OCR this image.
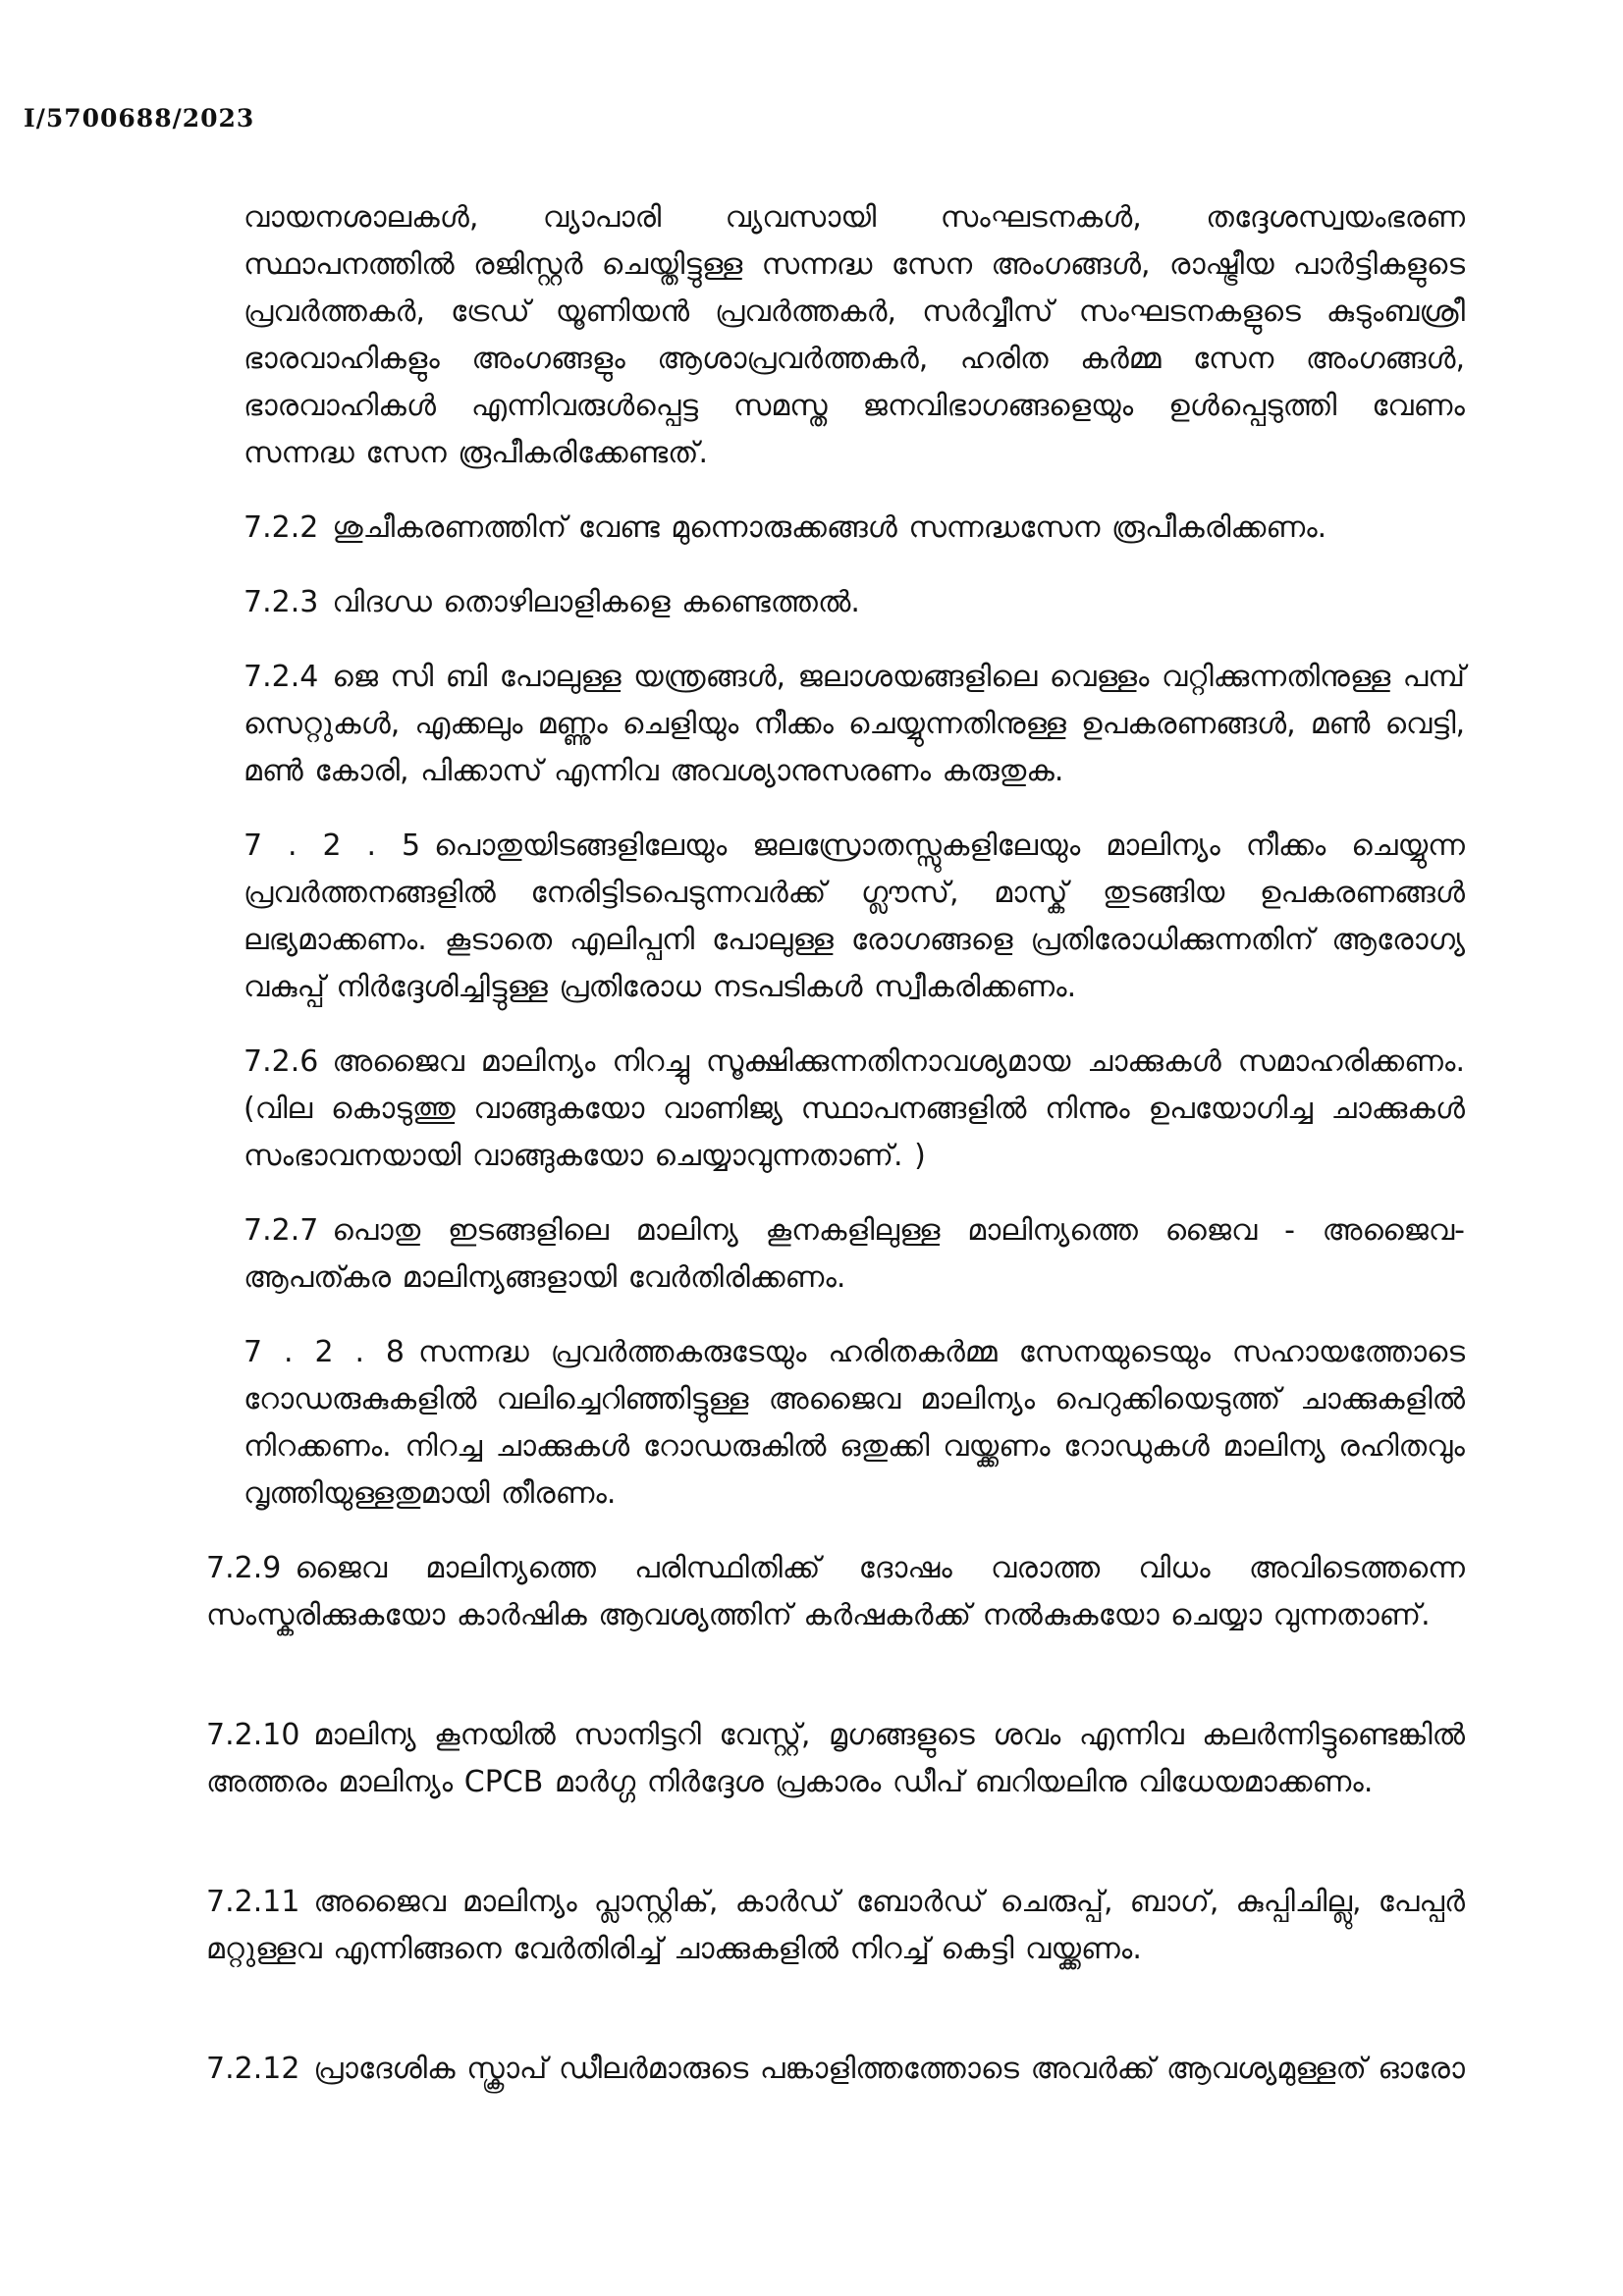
I/5700688/2023

വായനശാലകൾ, വ്യാപാരി വ്യവസായി സംഘടനകൾ, തദ്ദേശസ്വയംഭരണ സ്ഥാപനത്തിൽ രജിസ്റ്റർ ചെയ്തിട്ടുള്ള സന്നദ്ധ സേന അംഗങ്ങൾ, രാഷ്ട്രീയ പാർട്ടികളുടെ പ്രവർത്തകർ, ട്രേഡ് യൂണിയൻ പ്രവർത്തകർ, സർവ്വീസ് സംഘടനകളുടെ കുടുംബശ്രീ ഭാരവാഹികളും അംഗങ്ങളും ആശാപ്രവർത്തകർ, ഹരിത കർമ്മ സേന അംഗങ്ങൾ, ഭാരവാഹികൾ എന്നിവരുൾപ്പെട്ട സമസ്ത ജനവിഭാഗങ്ങളെയും ഉൾപ്പെടുത്തി വേണം സന്നദ്ധ സേന രൂപീകരിക്കേണ്ടത്.

7.2.2 ശുചീകരണത്തിന് വേണ്ട മുന്നൊരുക്കങ്ങൾ സന്നദ്ധസേന രൂപീകരിക്കണം.

7.2.3 വിദഗ്ധ തൊഴിലാളികളെ കണ്ടെത്തൽ.

7.2.4 ജെ സി ബി പോലുള്ള യന്ത്രങ്ങൾ, ജലാശയങ്ങളിലെ വെള്ളം വറ്റിക്കുന്നതിനുള്ള പമ്പ് സെറ്റുകൾ, എക്കലും മണ്ണും ചെളിയും നീക്കം ചെയ്യുന്നതിനുള്ള ഉപകരണങ്ങൾ, മൺ വെട്ടി, മൺ കോരി, പിക്കാസ് എന്നിവ അവശ്യാനുസരണം കരുതുക.

7 . 2 . 5 പൊതുയിടങ്ങളിലേയും ജലസ്രോതസ്സുകളിലേയും മാലിന്യം നീക്കം ചെയ്യുന്ന പ്രവർത്തനങ്ങളിൽ നേരിട്ടിടപെടുന്നവർക്ക് ഗ്ലൗസ്, മാസ്ക് തുടങ്ങിയ ഉപകരണങ്ങൾ ലഭ്യമാക്കണം. കൂടാതെ എലിപ്പനി പോലുള്ള രോഗങ്ങളെ പ്രതിരോധിക്കുന്നതിന് ആരോഗ്യ വകുപ്പ് നിർദ്ദേശിച്ചിട്ടുള്ള പ്രതിരോധ നടപടികൾ സ്വീകരിക്കണം.

7.2.6 അജൈവ മാലിന്യം നിറച്ചു സൂക്ഷിക്കുന്നതിനാവശ്യമായ ചാക്കുകൾ സമാഹരിക്കണം. (വില കൊടുത്തു വാങ്ങുകയോ വാണിജ്യ സ്ഥാപനങ്ങളിൽ നിന്നും ഉപയോഗിച്ച ചാക്കുകൾ സംഭാവനയായി വാങ്ങുകയോ ചെയ്യാവുന്നതാണ്. )

7.2.7 പൊതു ഇടങ്ങളിലെ മാലിന്യ കൂനകളിലുള്ള മാലിന്യത്തെ ജൈവ - അജൈവ- ആപത്കര മാലിന്യങ്ങളായി വേർതിരിക്കണം.

7 . 2 . 8 സന്നദ്ധ പ്രവർത്തകരുടേയും ഹരിതകർമ്മ സേനയുടെയും സഹായത്തോടെ റോഡരുകുകളിൽ വലിച്ചെറിഞ്ഞിട്ടുള്ള അജൈവ മാലിന്യം പെറുക്കിയെടുത്ത് ചാക്കുകളിൽ നിറക്കണം. നിറച്ച ചാക്കുകൾ റോഡരുകിൽ ഒതുക്കി വയ്ക്കണം റോഡുകൾ മാലിന്യ രഹിതവും വൃത്തിയുള്ളതുമായി തീരണം.

7.2.9 ജൈവ മാലിന്യത്തെ പരിസ്ഥിതിക്ക് ദോഷം വരാത്ത വിധം അവിടെത്തന്നെ സംസ്കരിക്കുകയോ കാർഷിക ആവശ്യത്തിന് കർഷകർക്ക് നൽകുകയോ ചെയ്യാ വുന്നതാണ്.

7.2.10 മാലിന്യ കൂനയിൽ സാനിട്ടറി വേസ്റ്റ്, മൃഗങ്ങളുടെ ശവം എന്നിവ കലർന്നിട്ടുണ്ടെങ്കിൽ അത്തരം മാലിന്യം CPCB മാർഗ്ഗ നിർദ്ദേശ പ്രകാരം ഡീപ് ബറിയലിനു വിധേയമാക്കണം.

7.2.11 അജൈവ മാലിന്യം പ്ലാസ്റ്റിക്, കാർഡ് ബോർഡ് ചെരുപ്പ്, ബാഗ്, കുപ്പിചില്ലു, പേപ്പർ മറ്റുള്ളവ എന്നിങ്ങനെ വേർതിരിച്ച് ചാക്കുകളിൽ നിറച്ച് കെട്ടി വയ്ക്കണം.

7.2.12 പ്രാദേശിക സ്ക്രാപ് ഡീലർമാരുടെ പങ്കാളിത്തത്തോടെ അവർക്ക് ആവശ്യമുള്ളത് ഓരോ
